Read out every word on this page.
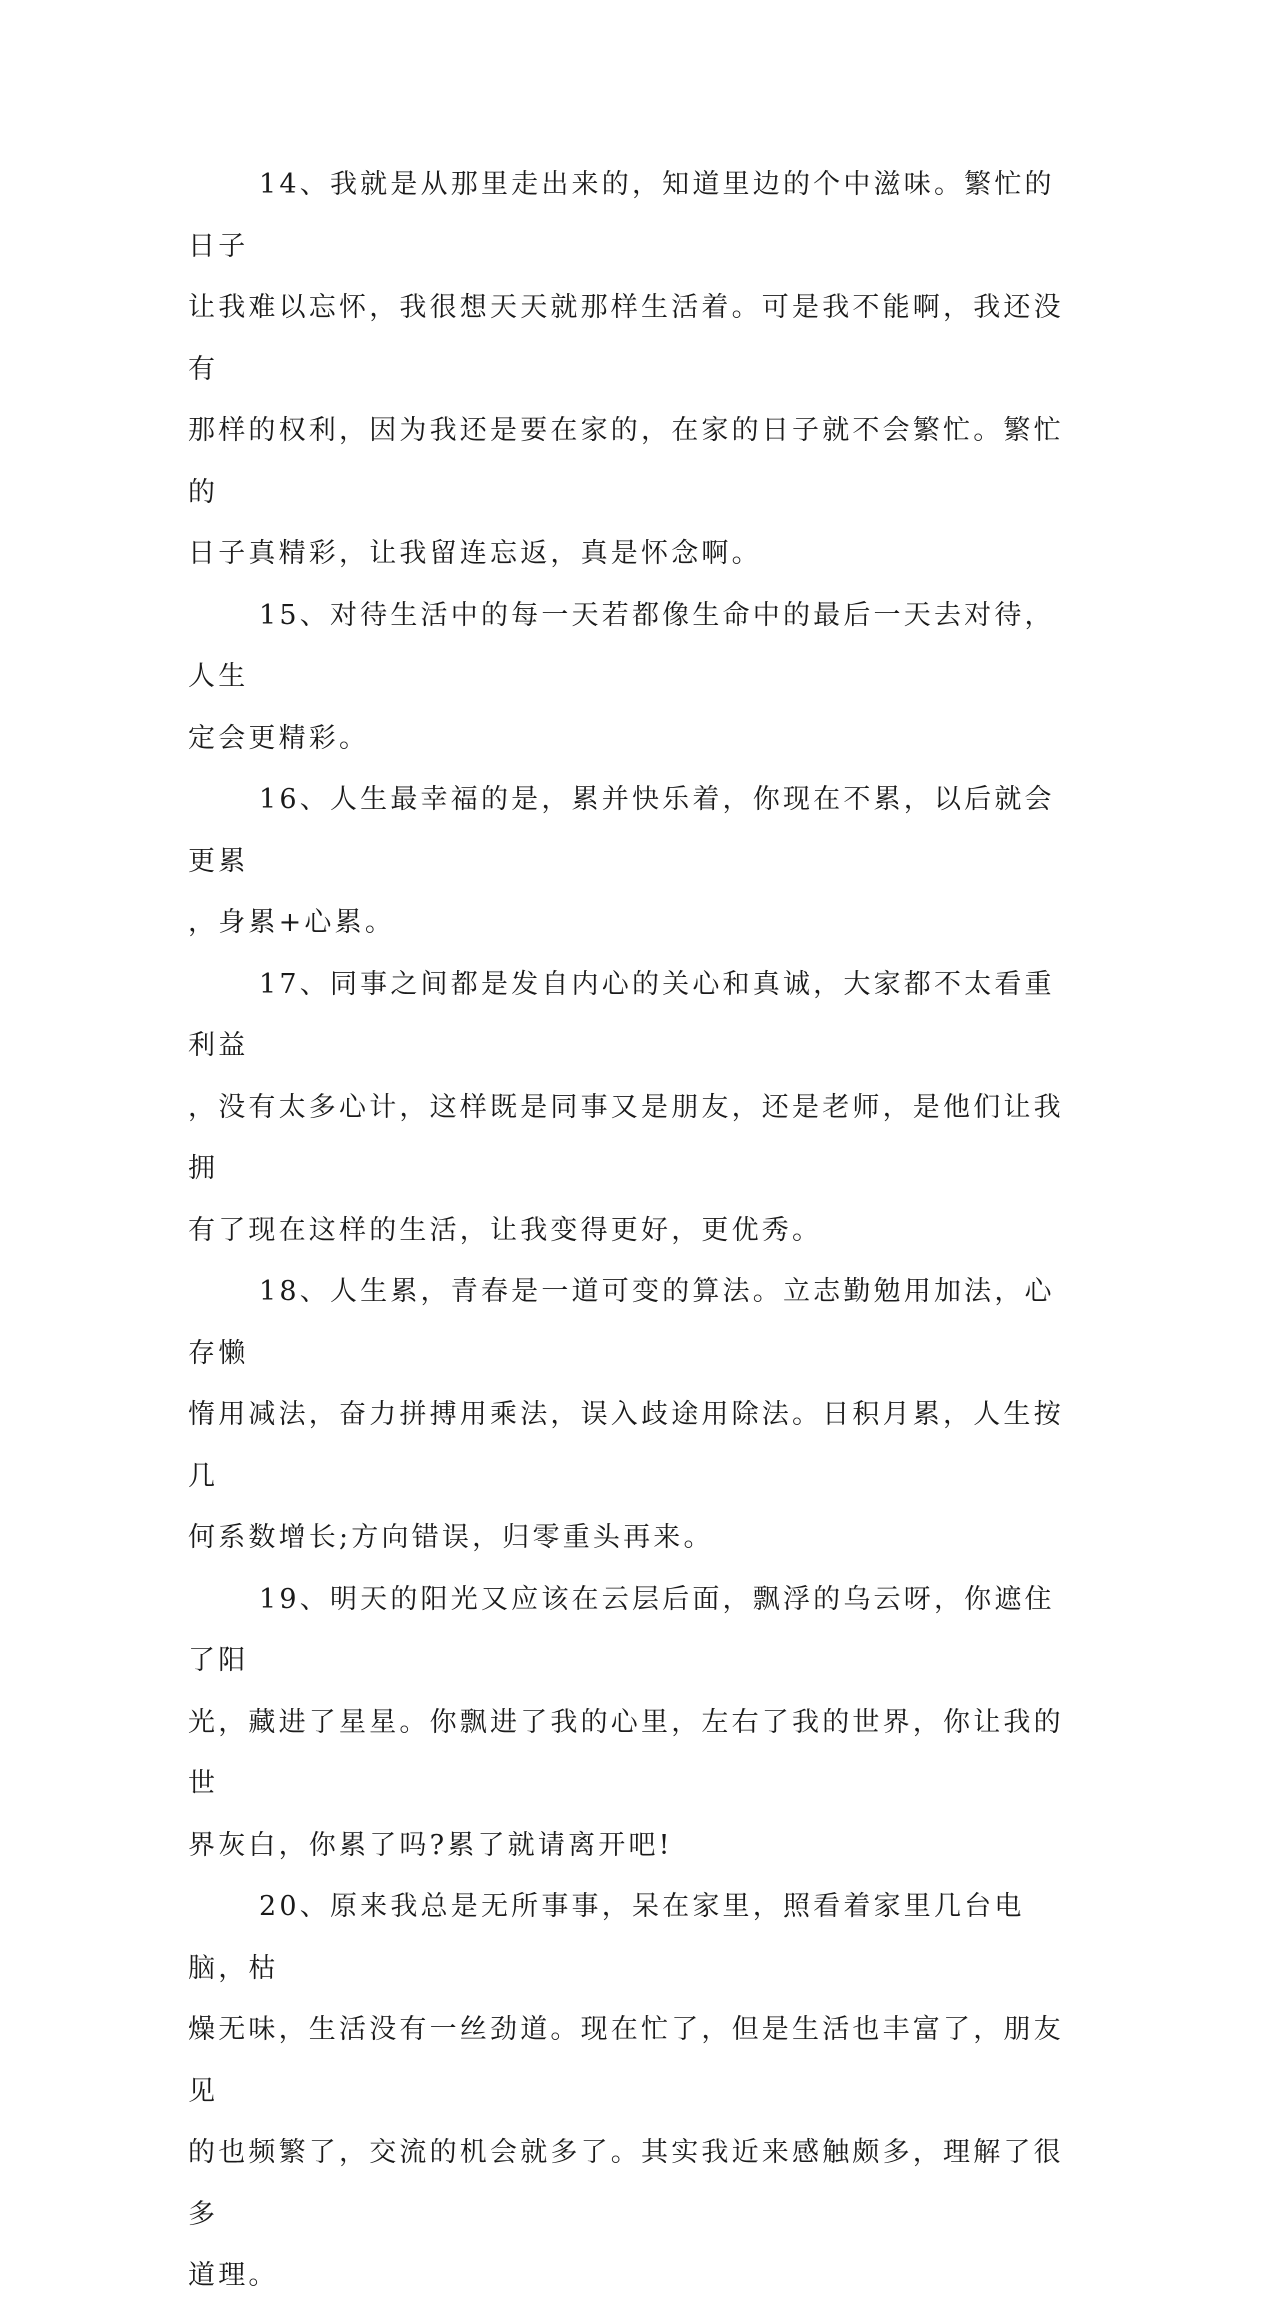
14、我就是从那里走出来的，知道里边的个中滋味。繁忙的日子
让我难以忘怀，我很想天天就那样生活着。可是我不能啊，我还没有
那样的权利，因为我还是要在家的，在家的日子就不会繁忙。繁忙的
日子真精彩，让我留连忘返，真是怀念啊。

15、对待生活中的每一天若都像生命中的最后一天去对待，人生
定会更精彩。

16、人生最幸福的是，累并快乐着，你现在不累，以后就会更累
，身累+心累。

17、同事之间都是发自内心的关心和真诚，大家都不太看重利益
，没有太多心计，这样既是同事又是朋友，还是老师，是他们让我拥
有了现在这样的生活，让我变得更好，更优秀。

18、人生累，青春是一道可变的算法。立志勤勉用加法，心存懒
惰用减法，奋力拼搏用乘法，误入歧途用除法。日积月累，人生按几
何系数增长;方向错误，归零重头再来。

19、明天的阳光又应该在云层后面，飘浮的乌云呀，你遮住了阳
光，藏进了星星。你飘进了我的心里，左右了我的世界，你让我的世
界灰白，你累了吗?累了就请离开吧!

20、原来我总是无所事事，呆在家里，照看着家里几台电脑，枯
燥无味，生活没有一丝劲道。现在忙了，但是生活也丰富了，朋友见
的也频繁了，交流的机会就多了。其实我近来感触颇多，理解了很多
道理。
